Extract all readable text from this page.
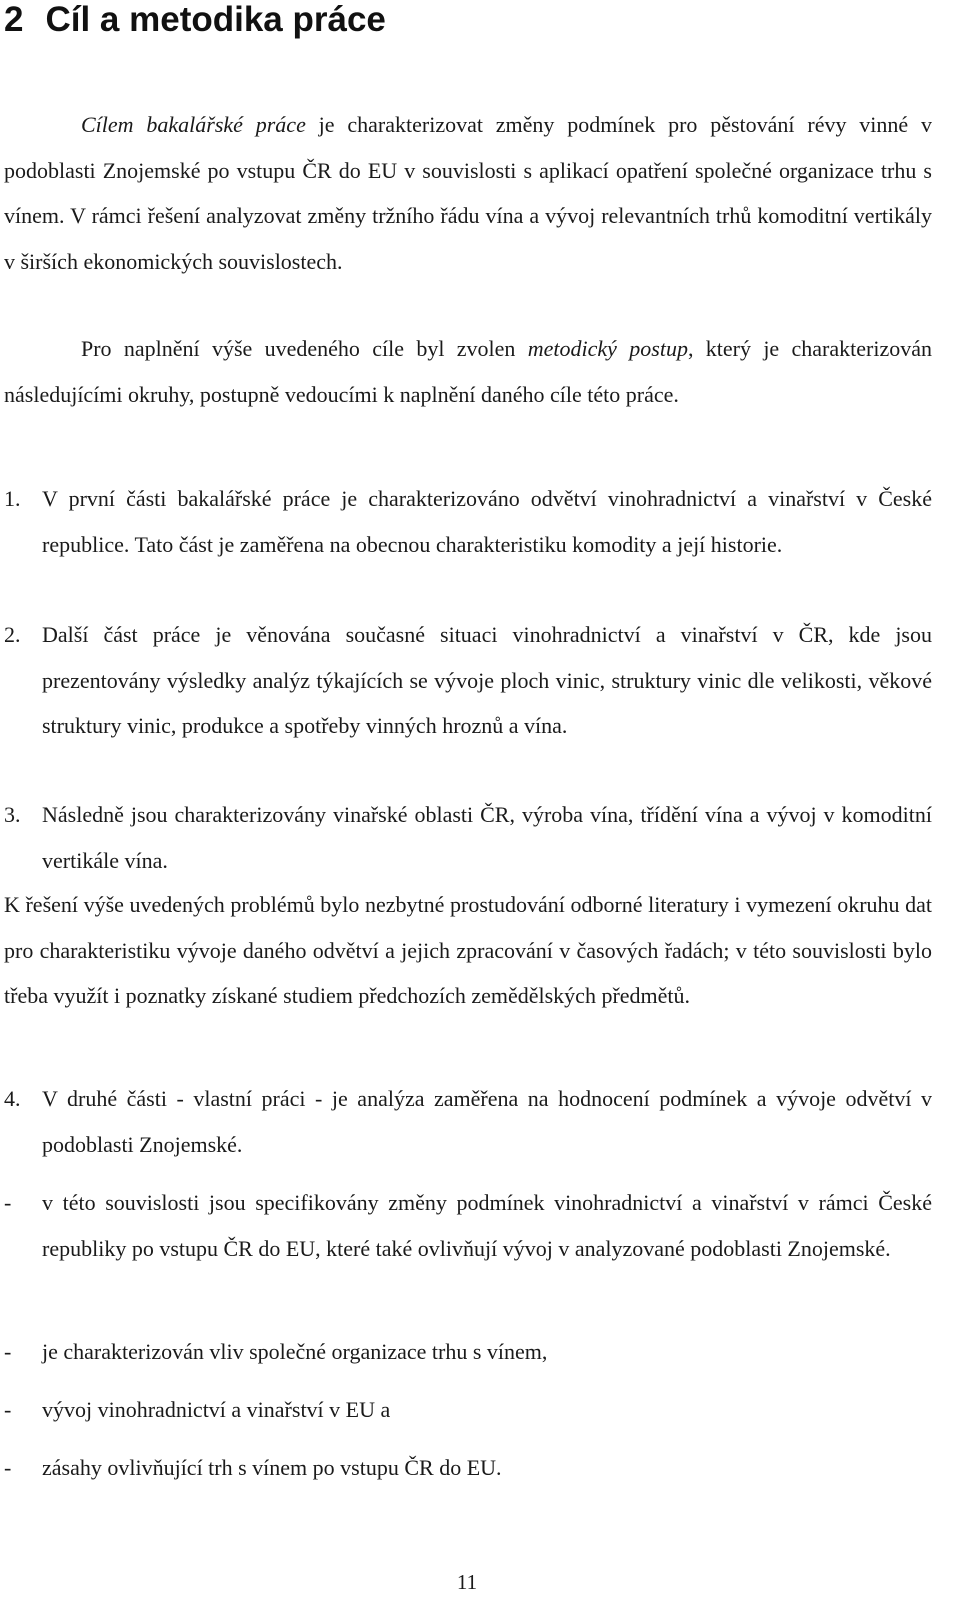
2 Cíl a metodika práce

Cílem bakalářské práce je charakterizovat změny podmínek pro pěstování révy vinné v podoblasti Znojemské po vstupu ČR do EU v souvislosti s aplikací opatření společné organizace trhu s vínem. V rámci řešení analyzovat změny tržního řádu vína a vývoj relevantních trhů komoditní vertikály v širších ekonomických souvislostech.

Pro naplnění výše uvedeného cíle byl zvolen metodický postup, který je charakterizován následujícími okruhy, postupně vedoucími k naplnění daného cíle této práce.

1. V první části bakalářské práce je charakterizováno odvětví vinohradnictví a vinařství v České republice. Tato část je zaměřena na obecnou charakteristiku komodity a její historie.
2. Další část práce je věnována současné situaci vinohradnictví a vinařství v ČR, kde jsou prezentovány výsledky analýz týkajících se vývoje ploch vinic, struktury vinic dle velikosti, věkové struktury vinic, produkce a spotřeby vinných hroznů a vína.
3. Následně jsou charakterizovány vinařské oblasti ČR, výroba vína, třídění vína a vývoj v komoditní vertikále vína.

K řešení výše uvedených problémů bylo nezbytné prostudování odborné literatury i vymezení okruhu dat pro charakteristiku vývoje daného odvětví a jejich zpracování v časových řadách; v této souvislosti bylo třeba využít i poznatky získané studiem předchozích zemědělských předmětů.

4. V druhé části - vlastní práci - je analýza zaměřena na hodnocení podmínek a vývoje odvětví v podoblasti Znojemské.
- v této souvislosti jsou specifikovány změny podmínek vinohradnictví a vinařství v rámci České republiky po vstupu ČR do EU, které také ovlivňují vývoj v analyzované podoblasti Znojemské.
- je charakterizován vliv společné organizace trhu s vínem,
- vývoj vinohradnictví a vinařství v EU a
- zásahy ovlivňující trh s vínem po vstupu ČR do EU.
11
